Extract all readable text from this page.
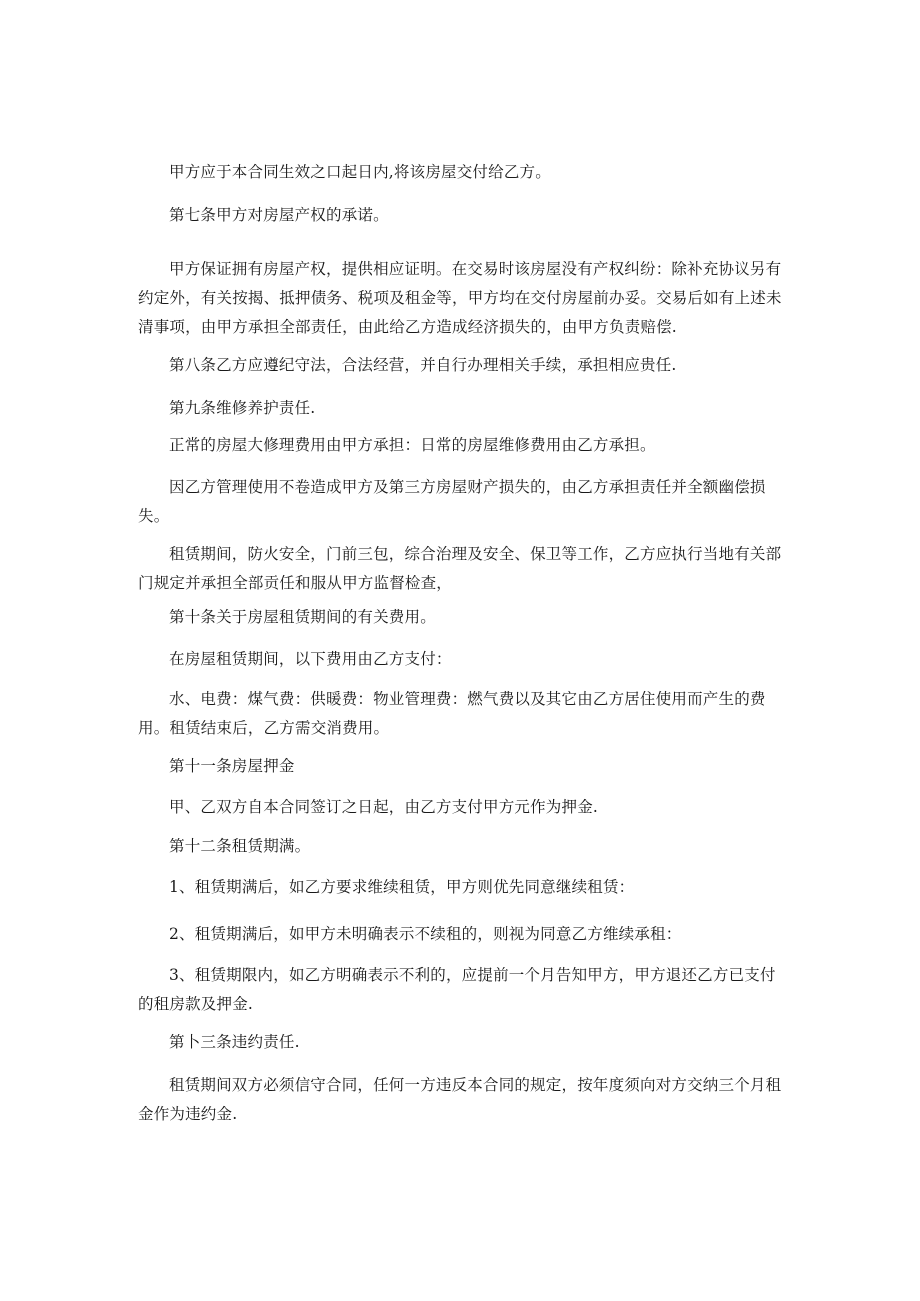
甲方应于本合同生效之口起日内,将该房屋交付给乙方。

第七条甲方对房屋产权的承诺。

甲方保证拥有房屋产权，提供相应证明。在交易时该房屋没有产权纠纷：除补充协议另有约定外，有关按揭、抵押债务、税项及租金等，甲方均在交付房屋前办妥。交易后如有上述未清事项，由甲方承担全部责任，由此给乙方造成经济损失的，由甲方负责赔偿.

第八条乙方应遵纪守法，合法经营，并自行办理相关手续，承担相应贵任.

第九条维修养护责任.

正常的房屋大修理费用由甲方承担：日常的房屋维修费用由乙方承担。

因乙方管理使用不卷造成甲方及第三方房屋财产损失的，由乙方承担责任并全额幽偿损失。

租赁期间，防火安全，门前三包，综合治理及安全、保卫等工作，乙方应执行当地有关部门规定并承担全部贡任和服从甲方监督检查，

第十条关于房屋租赁期间的有关费用。

在房屋租赁期间，以下费用由乙方支付：

水、电费：煤气费：供暖费：物业管理费：燃气费以及其它由乙方居住使用而产生的费用。租赁结束后，乙方需交消费用。

第十一条房屋押金

甲、乙双方自本合同签订之日起，由乙方支付甲方元作为押金.

第十二条租赁期满。

1、租赁期满后，如乙方要求维续租赁，甲方则优先同意继续租赁：

2、租赁期满后，如甲方未明确表示不续租的，则视为同意乙方维续承租：

3、租赁期限内，如乙方明确表示不利的，应提前一个月告知甲方，甲方退还乙方已支付的租房款及押金.

第卜三条违约责任.

租赁期间双方必须信守合同，任何一方违反本合同的规定，按年度须向对方交纳三个月租金作为违约金.
